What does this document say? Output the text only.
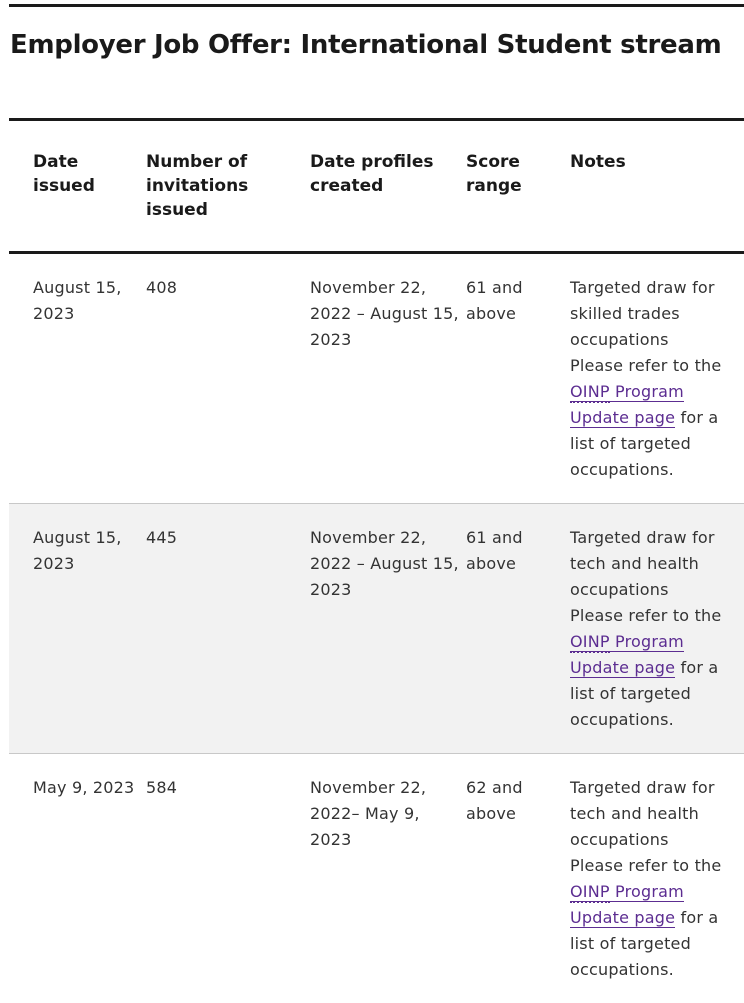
Employer Job Offer: International Student stream
Date issued	Number of invitations issued	Date profiles created	Score range	Notes
August 15, 2023	408	November 22, 2022 – August 15, 2023	61 and above	Targeted draw for skilled trades occupations
Please refer to the OINP Program Update page for a list of targeted occupations.
August 15, 2023	445	November 22, 2022 – August 15, 2023	61 and above	Targeted draw for tech and health occupations
Please refer to the OINP Program Update page for a list of targeted occupations.
May 9, 2023	584	November 22, 2022– May 9, 2023	62 and above	Targeted draw for tech and health occupations
Please refer to the OINP Program Update page for a list of targeted occupations.
